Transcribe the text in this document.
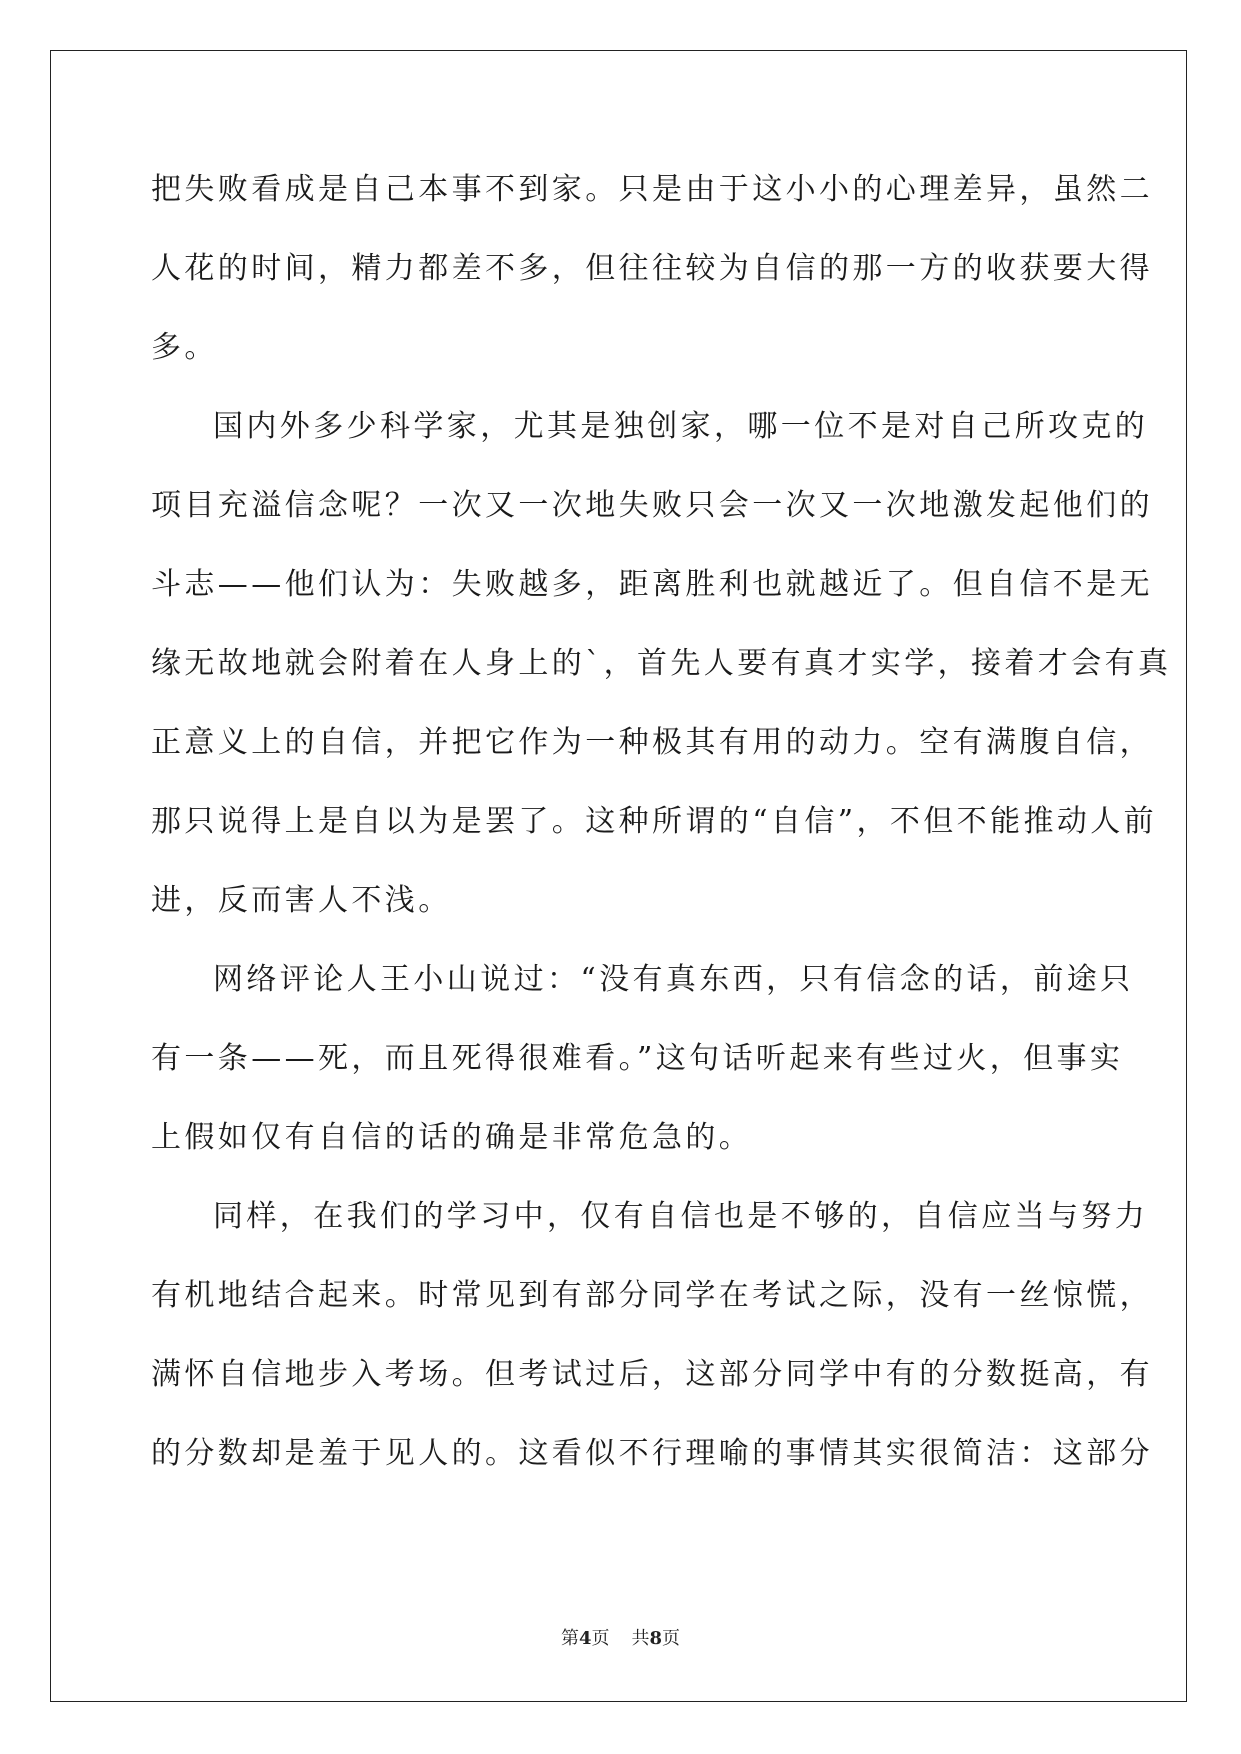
把失败看成是自己本事不到家。只是由于这小小的心理差异，虽然二
人花的时间，精力都差不多，但往往较为自信的那一方的收获要大得
多。

国内外多少科学家，尤其是独创家，哪一位不是对自己所攻克的
项目充溢信念呢？一次又一次地失败只会一次又一次地激发起他们的
斗志——他们认为：失败越多，距离胜利也就越近了。但自信不是无
缘无故地就会附着在人身上的`，首先人要有真才实学，接着才会有真
正意义上的自信，并把它作为一种极其有用的动力。空有满腹自信，
那只说得上是自以为是罢了。这种所谓的“自信”，不但不能推动人前
进，反而害人不浅。

网络评论人王小山说过：“没有真东西，只有信念的话，前途只
有一条——死，而且死得很难看。”这句话听起来有些过火，但事实
上假如仅有自信的话的确是非常危急的。

同样，在我们的学习中，仅有自信也是不够的，自信应当与努力
有机地结合起来。时常见到有部分同学在考试之际，没有一丝惊慌，
满怀自信地步入考场。但考试过后，这部分同学中有的分数挺高，有
的分数却是羞于见人的。这看似不行理喻的事情其实很简洁：这部分

第4页 共8页
